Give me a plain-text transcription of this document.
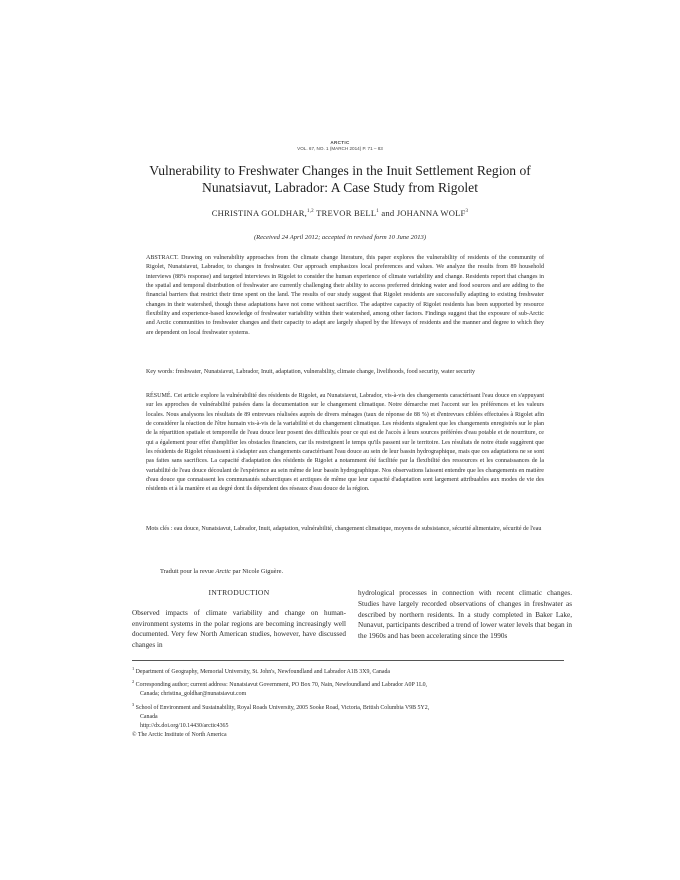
ARCTIC
VOL. 67, NO. 1 (MARCH 2014) P. 71 – 83
Vulnerability to Freshwater Changes in the Inuit Settlement Region of Nunatsiavut, Labrador: A Case Study from Rigolet
CHRISTINA GOLDHAR,$^{1,2}$ TREVOR BELL$^1$ and JOHANNA WOLF$^3$
(Received 24 April 2012; accepted in revised form 10 June 2013)

ABSTRACT. Drawing on vulnerability approaches from the climate change literature, this paper explores the vulnerability of residents of the community of Rigolet, Nunatsiavut, Labrador, to changes in freshwater. Our approach emphasizes local preferences and values. We analyze the results from 89 household interviews (88% response) and targeted interviews in Rigolet to consider the human experience of climate variability and change. Residents report that changes in the spatial and temporal distribution of freshwater are currently challenging their ability to access preferred drinking water and food sources and are adding to the financial barriers that restrict their time spent on the land. The results of our study suggest that Rigolet residents are successfully adapting to existing freshwater changes in their watershed, though these adaptations have not come without sacrifice. The adaptive capacity of Rigolet residents has been supported by resource flexibility and experience-based knowledge of freshwater variability within their watershed, among other factors. Findings suggest that the exposure of sub-Arctic and Arctic communities to freshwater changes and their capacity to adapt are largely shaped by the lifeways of residents and the manner and degree to which they are dependent on local freshwater systems.

Key words: freshwater, Nunatsiavut, Labrador, Inuit, adaptation, vulnerability, climate change, livelihoods, food security, water security

RÉSUMÉ. Cet article explore la vulnérabilité des résidents de Rigolet, au Nunatsiavut, Labrador, vis-à-vis des changements caractérisant l'eau douce en s'appuyant sur les approches de vulnérabilité puisées dans la documentation sur le changement climatique. Notre démarche met l'accent sur les préférences et les valeurs locales. Nous analysons les résultats de 89 entrevues réalisées auprès de divers ménages (taux de réponse de 88 %) et d'entrevues ciblées effectuées à Rigolet afin de considérer la réaction de l'être humain vis-à-vis de la variabilité et du changement climatique. Les résidents signalent que les changements enregistrés sur le plan de la répartition spatiale et temporelle de l'eau douce leur posent des difficultés pour ce qui est de l'accès à leurs sources préférées d'eau potable et de nourriture, ce qui a également pour effet d'amplifier les obstacles financiers, car ils restreignent le temps qu'ils passent sur le territoire. Les résultats de notre étude suggèrent que les résidents de Rigolet réussissent à s'adapter aux changements caractérisant l'eau douce au sein de leur bassin hydrographique, mais que ces adaptations ne se sont pas faites sans sacrifices. La capacité d'adaptation des résidents de Rigolet a notamment été facilitée par la flexibilité des ressources et les connaissances de la variabilité de l'eau douce découlant de l'expérience au sein même de leur bassin hydrographique. Nos observations laissent entendre que les changements en matière d'eau douce que connaissent les communautés subarctiques et arctiques de même que leur capacité d'adaptation sont largement attribuables aux modes de vie des résidents et à la manière et au degré dont ils dépendent des réseaux d'eau douce de la région.

Mots clés : eau douce, Nunatsiavut, Labrador, Inuit, adaptation, vulnérabilité, changement climatique, moyens de subsistance, sécurité alimentaire, sécurité de l'eau
Traduit pour la revue Arctic par Nicole Giguère.
INTRODUCTION
Observed impacts of climate variability and change on human-environment systems in the polar regions are becoming increasingly well documented. Very few North American studies, however, have discussed changes in
hydrological processes in connection with recent climatic changes. Studies have largely recorded observations of changes in freshwater as described by northern residents. In a study completed in Baker Lake, Nunavut, participants described a trend of lower water levels that began in the 1960s and has been accelerating since the 1990s

$^1$ Department of Geography, Memorial University, St. John's, Newfoundland and Labrador A1B 3X9, Canada

$^2$ Corresponding author; current address: Nunatsiavut Government, PO Box 70, Nain, Newfoundland and Labrador A0P 1L0,

Canada; christina_goldhar@nunatsiavut.com

$^3$ School of Environment and Sustainability, Royal Roads University, 2005 Sooke Road, Victoria, British Columbia V9B 5Y2,

Canada

http://dx.doi.org/10.14430/arctic4365

© The Arctic Institute of North America
